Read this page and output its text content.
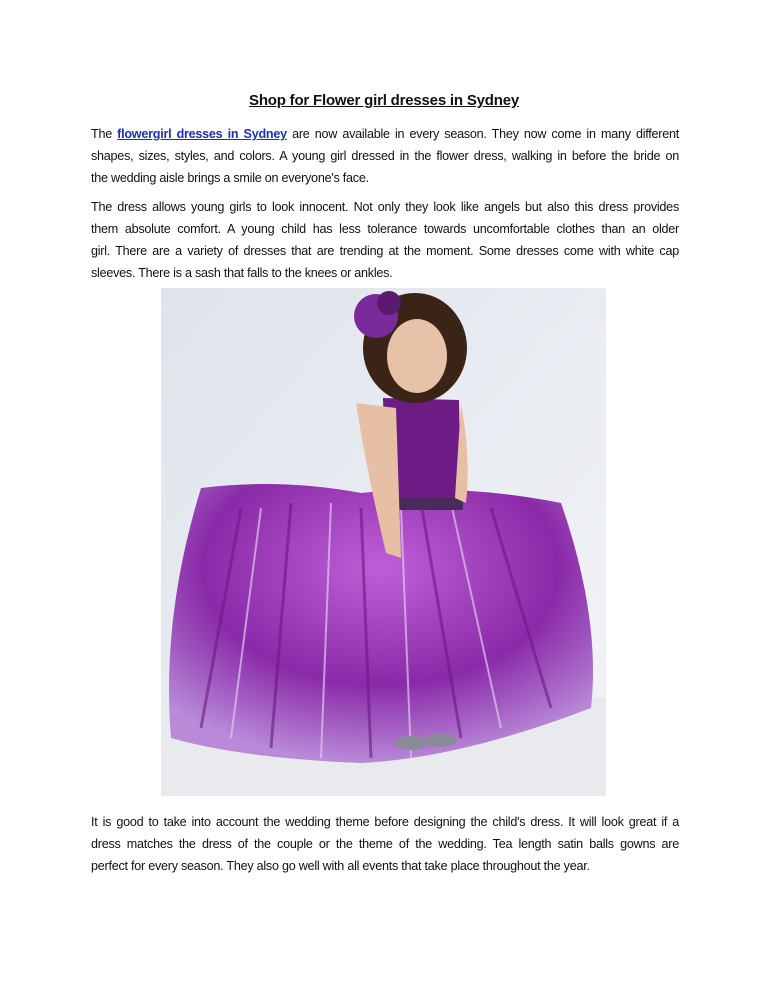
Shop for Flower girl dresses in Sydney
The flowergirl dresses in Sydney are now available in every season. They now come in many different
shapes, sizes, styles, and colors. A young girl dressed in the flower dress, walking in before the bride on
the wedding aisle brings a smile on everyone's face.
The dress allows young girls to look innocent. Not only they look like angels but also this dress provides
them absolute comfort. A young child has less tolerance towards uncomfortable clothes than an older
girl. There are a variety of dresses that are trending at the moment. Some dresses come with white cap
sleeves. There is a sash that falls to the knees or ankles.
It is good to take into account the wedding theme before designing the child's dress. It will look great if a
dress matches the dress of the couple or the theme of the wedding. Tea length satin balls gowns are
perfect for every season. They also go well with all events that take place throughout the year.
